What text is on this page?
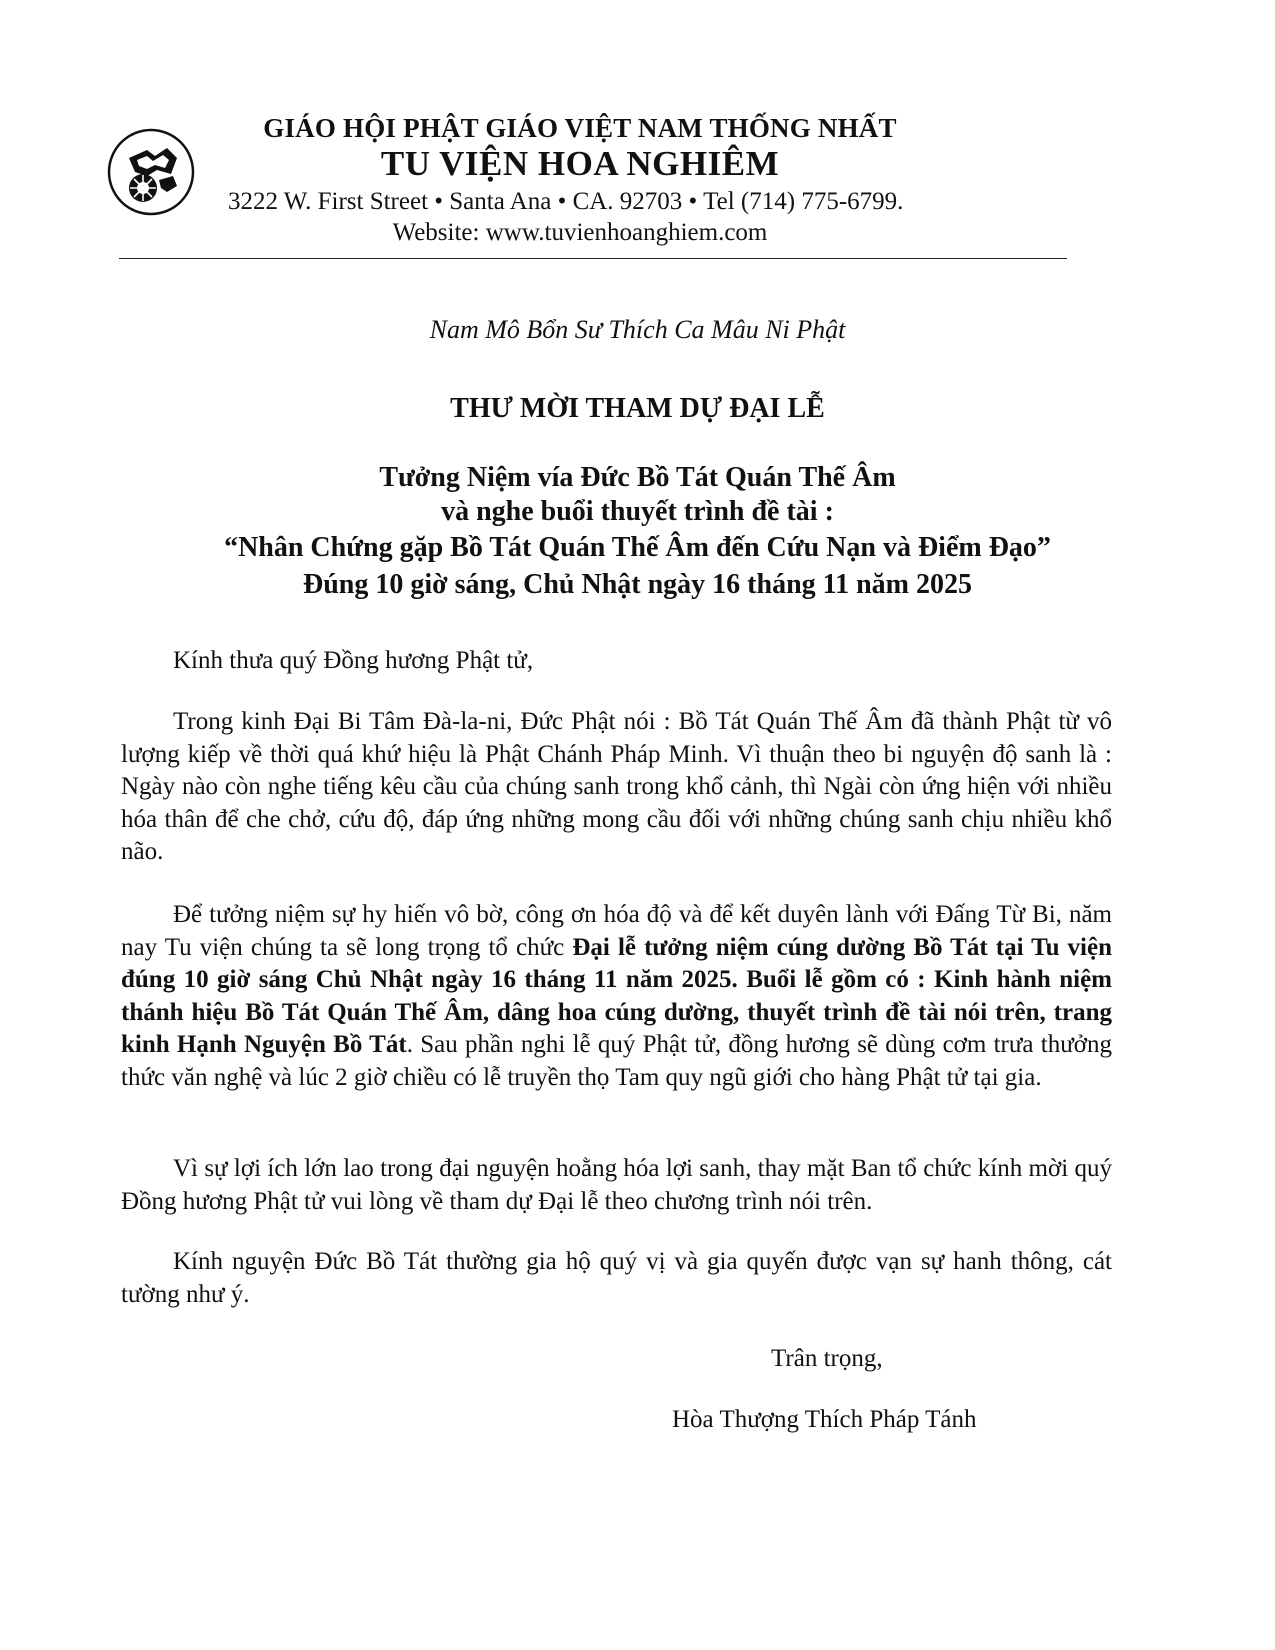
GIÁO HỘI PHẬT GIÁO VIỆT NAM THỐNG NHẤT

TU VIỆN HOA NGHIÊM

3222 W. First Street • Santa Ana • CA. 92703 • Tel (714) 775-6799.

Website: www.tuvienhoanghiem.com

Nam Mô Bổn Sư Thích Ca Mâu Ni Phật

THƯ MỜI THAM DỰ ĐẠI LỄ

Tưởng Niệm vía Đức Bồ Tát Quán Thế Âm

và nghe buổi thuyết trình đề tài :

“Nhân Chứng gặp Bồ Tát Quán Thế Âm đến Cứu Nạn và Điểm Đạo”

Đúng 10 giờ sáng, Chủ Nhật ngày 16 tháng 11 năm 2025

Kính thưa quý Đồng hương Phật tử,

Trong kinh Đại Bi Tâm Đà-la-ni, Đức Phật nói : Bồ Tát Quán Thế Âm đã thành Phật từ vô lượng kiếp về thời quá khứ hiệu là Phật Chánh Pháp Minh. Vì thuận theo bi nguyện độ sanh là : Ngày nào còn nghe tiếng kêu cầu của chúng sanh trong khổ cảnh, thì Ngài còn ứng hiện với nhiều hóa thân để che chở, cứu độ, đáp ứng những mong cầu đối với những chúng sanh chịu nhiều khổ não.

Để tưởng niệm sự hy hiến vô bờ, công ơn hóa độ và để kết duyên lành với Đấng Từ Bi, năm nay Tu viện chúng ta sẽ long trọng tổ chức Đại lễ tưởng niệm cúng dường Bồ Tát tại Tu viện đúng 10 giờ sáng Chủ Nhật ngày 16 tháng 11 năm 2025. Buổi lễ gồm có : Kinh hành niệm thánh hiệu Bồ Tát Quán Thế Âm, dâng hoa cúng dường, thuyết trình đề tài nói trên, trang kinh Hạnh Nguyện Bồ Tát. Sau phần nghi lễ quý Phật tử, đồng hương sẽ dùng cơm trưa thưởng thức văn nghệ và lúc 2 giờ chiều có lễ truyền thọ Tam quy ngũ giới cho hàng Phật tử tại gia.

Vì sự lợi ích lớn lao trong đại nguyện hoằng hóa lợi sanh, thay mặt Ban tổ chức kính mời quý Đồng hương Phật tử vui lòng về tham dự Đại lễ theo chương trình nói trên.

Kính nguyện Đức Bồ Tát thường gia hộ quý vị và gia quyến được vạn sự hanh thông, cát tường như ý.

Trân trọng,

Hòa Thượng Thích Pháp Tánh
